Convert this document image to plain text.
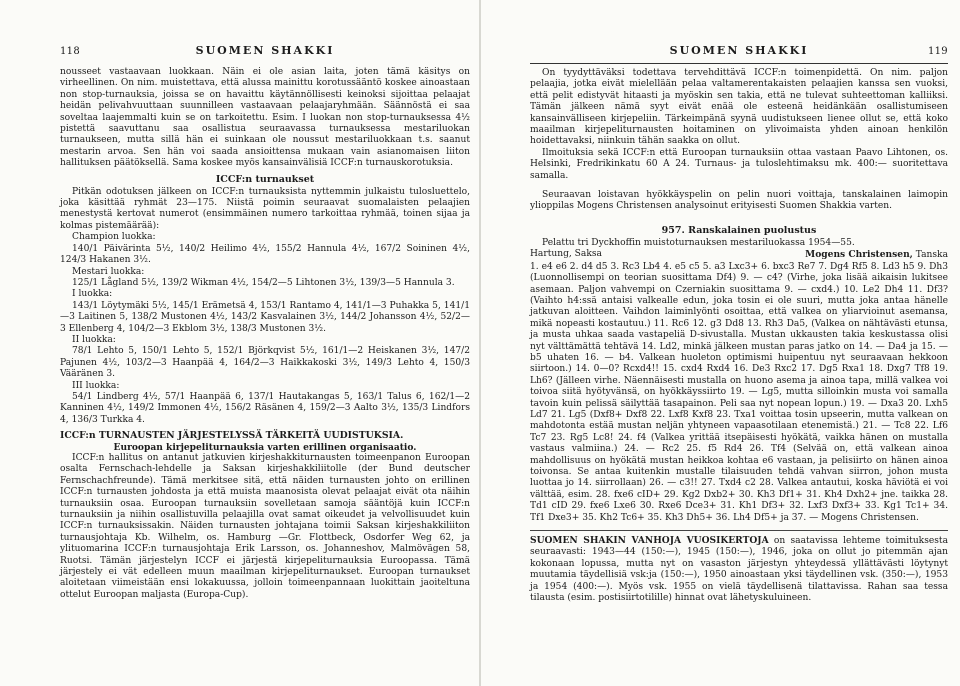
118	SUOMEN SHAKKI

nousseet vastaavaan luokkaan. Näin ei ole asian laita, joten tämä käsitys on virheellinen. On nim. muistettava, että alussa mainittu korotussääntö koskee ainoastaan non stop-turnauksia, joissa se on havaittu käytännöllisesti keinoksi sijoittaa pelaajat heidän pelivahvuuttaan suunnilleen vastaavaan pelaajaryhmään. Säännöstä ei saa soveltaa laajemmalti kuin se on tarkoitettu. Esim. I luokan non stop-turnauksessa 4½ pistettä saavuttanu saa osallistua seuraavassa turnauksessa mestariluokan turnaukseen, mutta sillä hän ei suinkaan ole noussut mestariluokkaan t.s. saanut mestarin arvoa. Sen hän voi saada ansioittensa mukaan vain asianomaisen liiton hallituksen päätöksellä. Sama koskee myös kansainvälisiä ICCF:n turnauskorotuksia.

ICCF:n turnaukset

Pitkän odotuksen jälkeen on ICCF:n turnauksista nyttemmin julkaistu tulosluettelo, joka käsittää ryhmät 23—175. Niistä poimin seuraavat suomalaisten pelaajien menestystä kertovat numerot (ensimmäinen numero tarkoittaa ryhmää, toinen sijaa ja kolmas pistemäärää):

Champion luokka:

140/1 Päivärinta 5½, 140/2 Heilimo 4½, 155/2 Hannula 4½, 167/2 Soininen 4½, 124/3 Hakanen 3½.

Mestari luokka:

125/1 Lågland 5½, 139/2 Wikman 4½, 154/2—5 Lihtonen 3½, 139/3—5 Hannula 3.

I luokka:

143/1 Löytymäki 5½, 145/1 Erämetsä 4, 153/1 Rantamo 4, 141/1—3 Puhakka 5, 141/1—3 Laitinen 5, 138/2 Mustonen 4½, 143/2 Kasvalainen 3½, 144/2 Johansson 4½, 52/2—3 Ellenberg 4, 104/2—3 Ekblom 3½, 138/3 Mustonen 3½.

II luokka:

78/1 Lehto 5, 150/1 Lehto 5, 152/1 Björkqvist 5½, 161/1—2 Heiskanen 3½, 147/2 Pajunen 4½, 103/2—3 Haanpää 4, 164/2—3 Haikkakoski 3½, 149/3 Lehto 4, 150/3 Vääränen 3.

III luokka:

54/1 Lindberg 4½, 57/1 Haanpää 6, 137/1 Hautakangas 5, 163/1 Talus 6, 162/1—2 Kanninen 4½, 149/2 Immonen 4½, 156/2 Räsänen 4, 159/2—3 Aalto 3½, 135/3 Lindfors 4, 136/3 Turkka 4.

ICCF:n TURNAUSTEN JÄRJESTELYSSÄ TÄRKEITÄ UUDISTUKSIA.
Euroopan kirjepeliturnauksia varten erillinen organisaatio.

ICCF:n hallitus on antanut jatkuvien kirjeshakkiturnausten toimeenpanon Euroopan osalta Fernschach-lehdelle ja Saksan kirjeshakkiliitolle (der Bund deutscher Fernschachfreunde). Tämä merkitsee sitä, että näiden turnausten johto on erillinen ICCF:n turnausten johdosta ja että muista maanosista olevat pelaajat eivät ota näihin turnauksiin osaa. Euroopan turnauksiin sovelletaan samoja sääntöjä kuin ICCF:n turnauksiin ja niihin osallistuvilla pelaajilla ovat samat oikeudet ja velvollisuudet kuin ICCF:n turnauksissakin. Näiden turnausten johtajana toimii Saksan kirjeshakkiliiton turnausjohtaja Kb. Wilhelm, os. Hamburg —Gr. Flottbeck, Osdorfer Weg 62, ja ylituomarina ICCF:n turnausjohtaja Erik Larsson, os. Johanneshov, Malmövägen 58, Ruotsi. Tämän järjestelyn ICCF ei järjestä kirjepeliturnauksia Euroopassa. Tämä järjestely ei vät edelleen muun maailman kirjepeliturnaukset. Euroopan turnaukset aloitetaan viimeistään ensi lokakuussa, jolloin toimeenpannaan luokittain jaoiteltuna ottelut Euroopan maljasta (Europa-Cup).

SUOMEN SHAKKI	119

On tyydyttäväksi todettava tervehdittävä ICCF:n toimenpidettä. On nim. paljon pelaajia, jotka eivät mielellään pelaa valtamerentakaisten pelaajien kanssa sen vuoksi, että pelit edistyvät hitaasti ja myöskin sen takia, että ne tulevat suhteettoman kalliiksi. Tämän jälkeen nämä syyt eivät enää ole esteenä heidänkään osallistumiseen kansainvälliseen kirjepeliin. Tärkeimpänä syynä uudistukseen lienee ollut se, että koko maailman kirjepeliturnausten hoitaminen on ylivoimaista yhden ainoan henkilön hoidettavaksi, niinkuin tähän saakka on ollut.

Ilmoituksia sekä ICCF:n että Euroopan turnauksiin ottaa vastaan Paavo Lihtonen, os. Helsinki, Fredrikinkatu 60 A 24. Turnaus- ja tuloslehtimaksu mk. 400:— suoritettava samalla.

Seuraavan loistavan hyökkäyspelin on pelin nuori voittaja, tanskalainen laimopin ylioppilas Mogens Christensen analysoinut erityisesti Suomen Shakkia varten.

957. Ranskalainen puolustus

Pelattu tri Dyckhoffin muistoturnauksen mestariluokassa 1954—55.

Hartung, Saksa	Mogens Christensen, Tanska

1. e4 e6 2. d4 d5 3. Rc3 Lb4 4. e5 c5 5. a3 Lxc3+ 6. bxc3 Re7 7. Dg4 Rf5 8. Ld3 h5 9. Dh3 (Luonnollisempi on teorian suosittama Df4) 9. — c4? (Virhe, joka lisää aikaisin lukitsee asemaan. Paljon vahvempi on Czerniakin suosittama 9. — cxd4.) 10. Le2 Dh4 11. Df3? (Vaihto h4:ssä antaisi valkealle edun, joka tosin ei ole suuri, mutta joka antaa hänelle jatkuvan aloitteen. Vaihdon laiminlyönti osoittaa, että valkea on yliarvioinut asemansa, mikä nopeasti kostautuu.) 11. Rc6 12. g3 Dd8 13. Rh3 Da5, (Valkea on nähtävästi etunsa, ja musta uhkaa saada vastapeliä D-sivustalla. Mustan ukkausten takia keskustassa olisi nyt välttämättä tehtävä 14. Ld2, minkä jälkeen mustan paras jatko on 14. — Da4 ja 15. — b5 uhaten 16. — b4. Valkean huoleton optimismi huipentuu nyt seuraavaan hekkoon siirtoon.) 14. 0—0? Rcxd4!! 15. cxd4 Rxd4 16. De3 Rxc2 17. Dg5 Rxa1 18. Dxg7 Tf8 19. Lh6? (Jälleen virhe. Näennäisesti mustalla on huono asema ja ainoa tapa, millä valkea voi toivoa siitä hyötyvänsä, on hyökkäyssiirto 19. — Lg5, mutta silloinkin musta voi samalla tavoin kuin pelissä säilyttää tasapainon. Peli saa nyt nopean lopun.) 19. — Dxa3 20. Lxh5 Ld7 21. Lg5 (Dxf8+ Dxf8 22. Lxf8 Kxf8 23. Txa1 voittaa tosin upseerin, mutta valkean on mahdotonta estää mustan neljän yhtyneen vapaasotilaan etenemistä.) 21. — Tc8 22. Lf6 Tc7 23. Rg5 Lc8! 24. f4 (Valkea yrittää itsepäisesti hyökätä, vaikka hänen on mustalla vastaus valmiina.) 24. — Rc2 25. f5 Rd4 26. Tf4 (Selvää on, että valkean ainoa mahdollisuus on hyökätä mustan heikkoa kohtaa e6 vastaan, ja pelisiirto on hänen ainoa toivonsa. Se antaa kuitenkin mustalle tilaisuuden tehdä vahvan siirron, johon musta luottaa jo 14. siirrollaan) 26. — c3!! 27. Txd4 c2 28. Valkea antautui, koska häviötä ei voi välttää, esim. 28. fxe6 cID+ 29. Kg2 Dxb2+ 30. Kh3 Df1+ 31. Kh4 Dxh2+ jne. taikka 28. Td1 cID 29. fxe6 Lxe6 30. Rxe6 Dce3+ 31. Kh1 Df3+ 32. Lxf3 Dxf3+ 33. Kg1 Tc1+ 34. Tf1 Dxe3+ 35. Kh2 Tc6+ 35. Kh3 Dh5+ 36. Lh4 Df5+ ja 37. — Mogens Christensen.

SUOMEN SHAKIN VANHOJA VUOSIKERTOJA on saatavissa lehteme toimituksesta seuraavasti: 1943—44 (150:—), 1945 (150:—), 1946, joka on ollut jo pitemmän ajan kokonaan lopussa, mutta nyt on vasaston järjestyn yhteydessä yllättävästi löytynyt muutamia täydellisiä vsk:ja (150:—), 1950 ainoastaan yksi täydellinen vsk. (350:—), 1953 ja 1954 (400:—). Myös vsk. 1955 on vielä täydellisenä tilattavissa. Rahan saa tessa tilausta (esim. postisiirtotilille) hinnat ovat lähetyskuluineen.
